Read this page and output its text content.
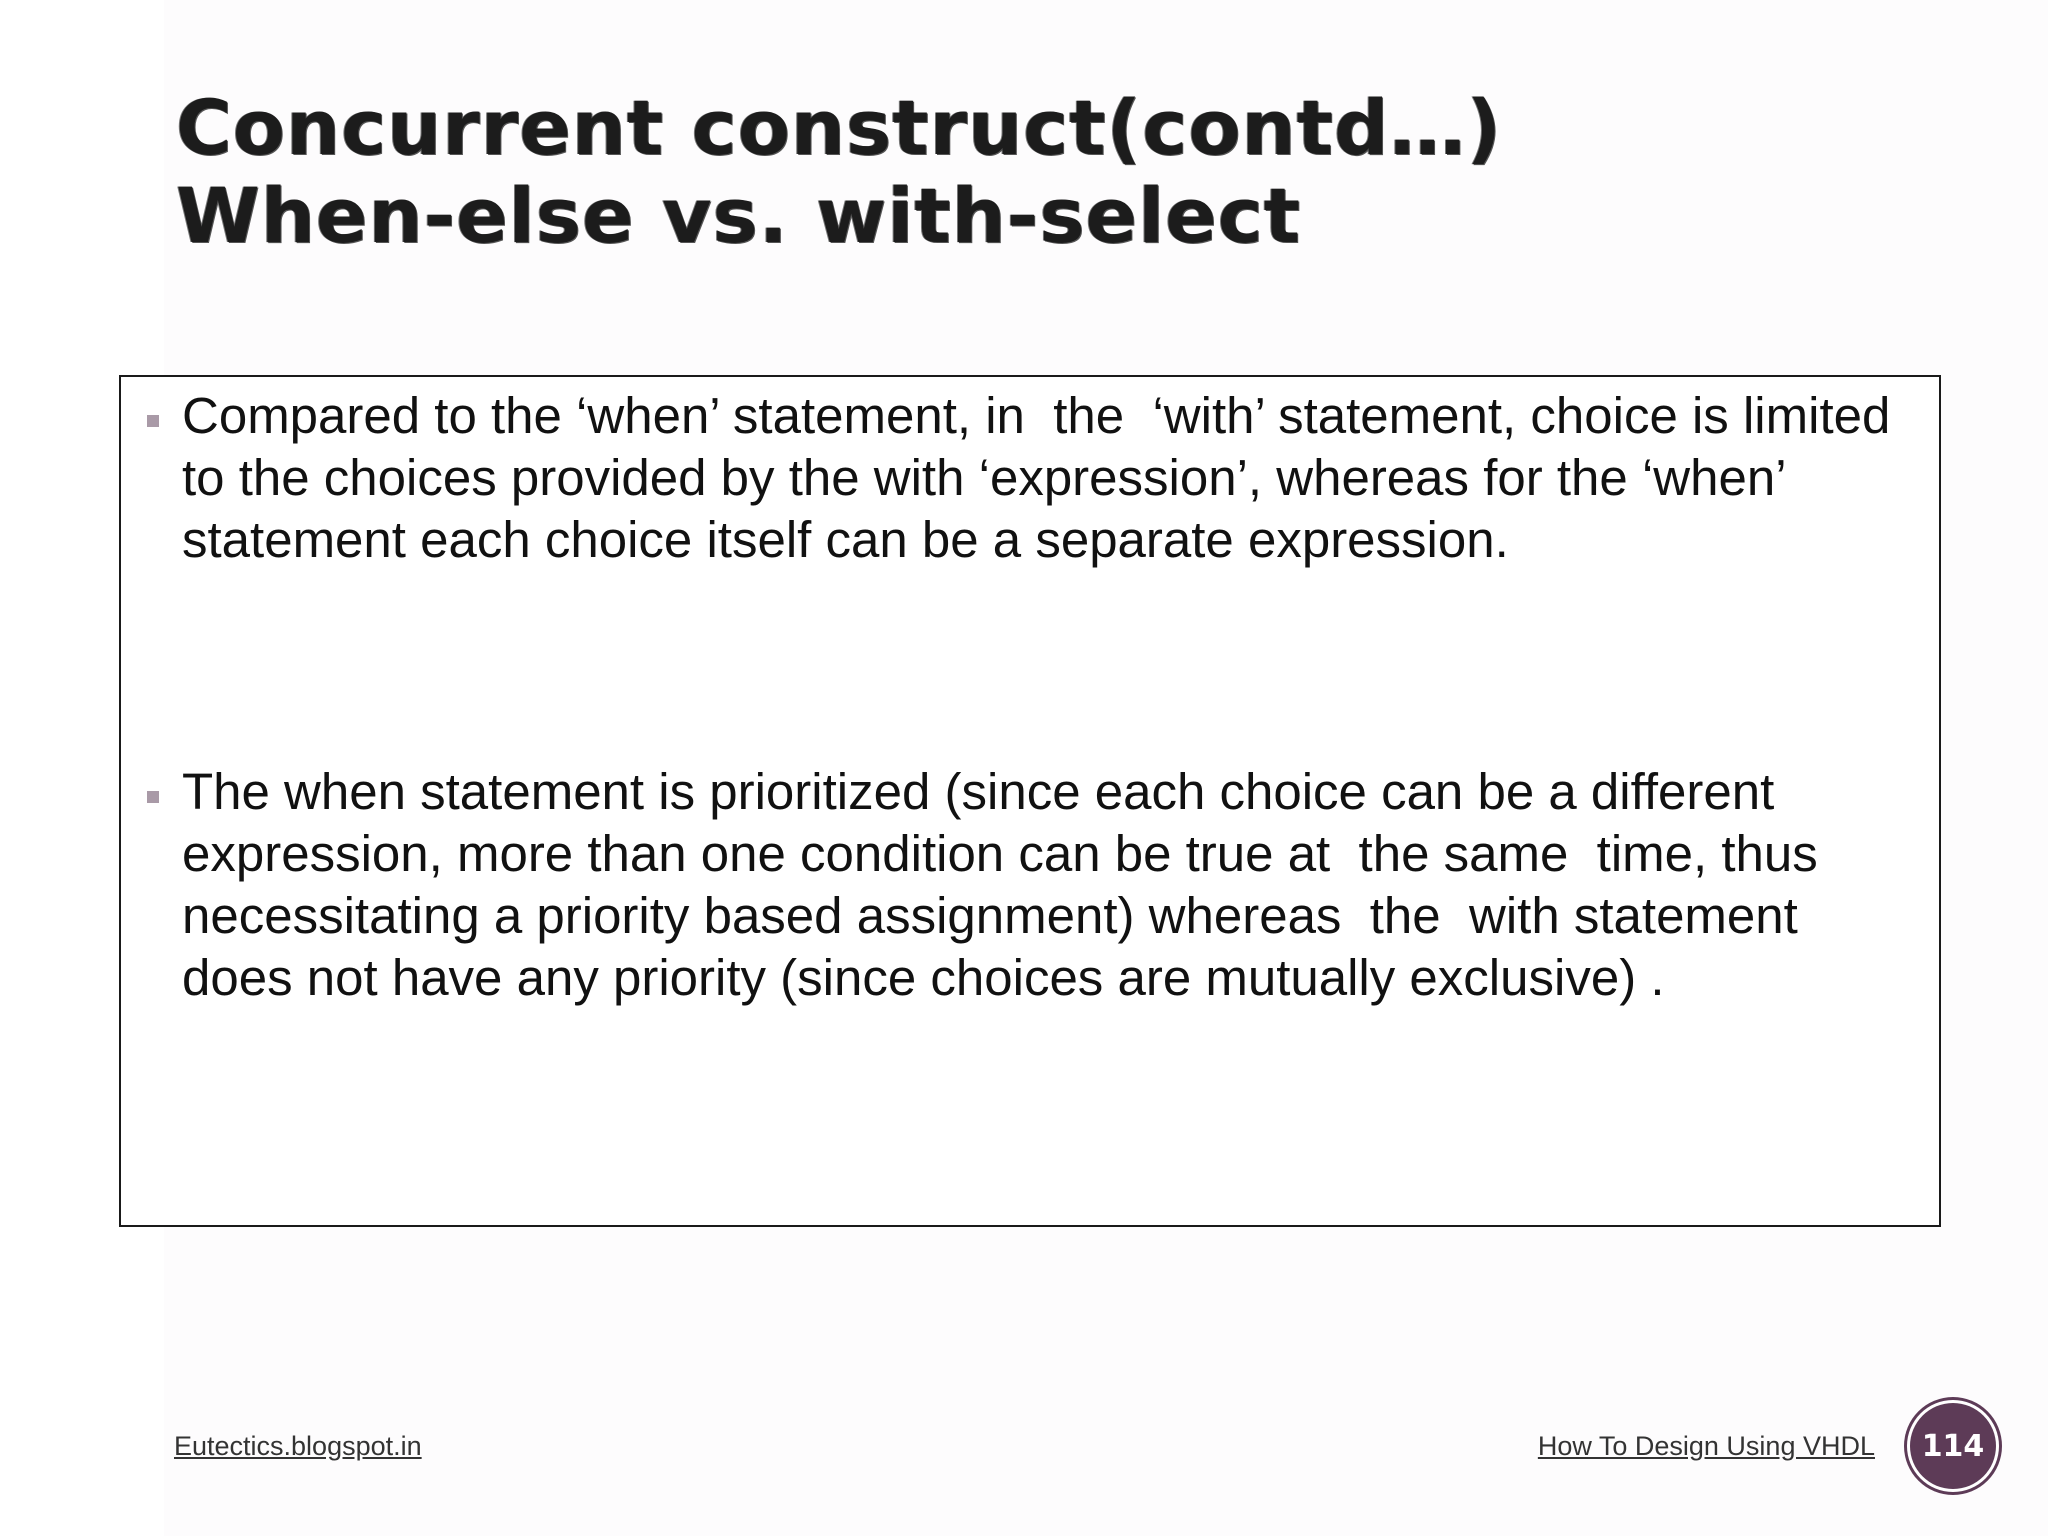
Concurrent construct(contd…)
When-else vs. with-select
Compared to the ‘when’ statement, in  the  ‘with’ statement, choice is limited to the choices provided by the with ‘expression’, whereas for the ‘when’ statement each choice itself can be a separate expression.
The when statement is prioritized (since each choice can be a different expression, more than one condition can be true at  the same  time, thus  necessitating a priority based assignment) whereas  the  with statement  does not have any priority (since choices are mutually exclusive) .
Eutectics.blogspot.in	How To Design Using VHDL 114
